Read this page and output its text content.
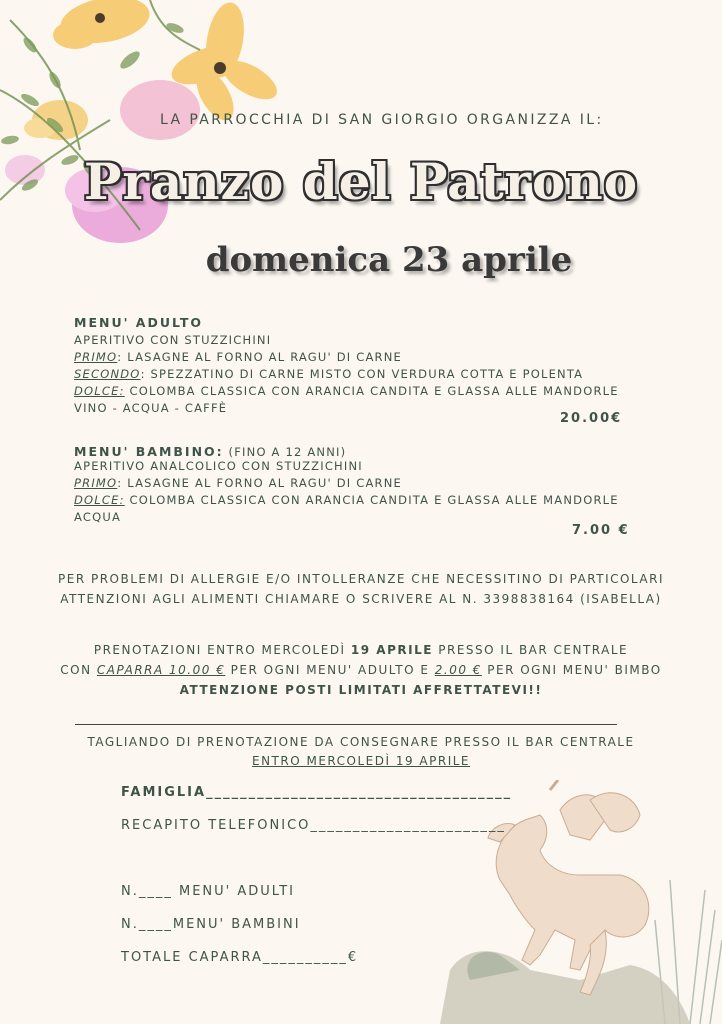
LA PARROCCHIA DI SAN GIORGIO ORGANIZZA IL:
Pranzo del Patrono
domenica 23 aprile
MENU' ADULTO
APERITIVO CON STUZZICHINI
PRIMO: LASAGNE AL FORNO AL RAGU' DI CARNE
SECONDO: SPEZZATINO DI CARNE MISTO CON VERDURA COTTA E POLENTA
DOLCE: COLOMBA CLASSICA CON ARANCIA CANDITA E GLASSA ALLE MANDORLE
VINO - ACQUA - CAFFÈ
20.00€
MENU' BAMBINO: (FINO A 12 ANNI)
APERITIVO ANALCOLICO CON STUZZICHINI
PRIMO: LASAGNE AL FORNO AL RAGU' DI CARNE
DOLCE: COLOMBA CLASSICA CON ARANCIA CANDITA E GLASSA ALLE MANDORLE
ACQUA
7.00 €
PER PROBLEMI DI ALLERGIE E/O INTOLLERANZE CHE NECESSITINO DI PARTICOLARI
ATTENZIONI AGLI ALIMENTI CHIAMARE O SCRIVERE AL N. 3398838164 (ISABELLA)
PRENOTAZIONI ENTRO MERCOLEDÌ 19 APRILE PRESSO IL BAR CENTRALE
CON CAPARRA 10.00 € PER OGNI MENU' ADULTO E 2.00 € PER OGNI MENU' BIMBO
ATTENZIONE POSTI LIMITATI AFFRETTATEVI!!
TAGLIANDO DI PRENOTAZIONE DA CONSEGNARE PRESSO IL BAR CENTRALE
ENTRO MERCOLEDÌ 19 APRILE
FAMIGLIA____________________________________
RECAPITO TELEFONICO_______________________
N.____ MENU' ADULTI
N.____MENU' BAMBINI
TOTALE CAPARRA__________€
